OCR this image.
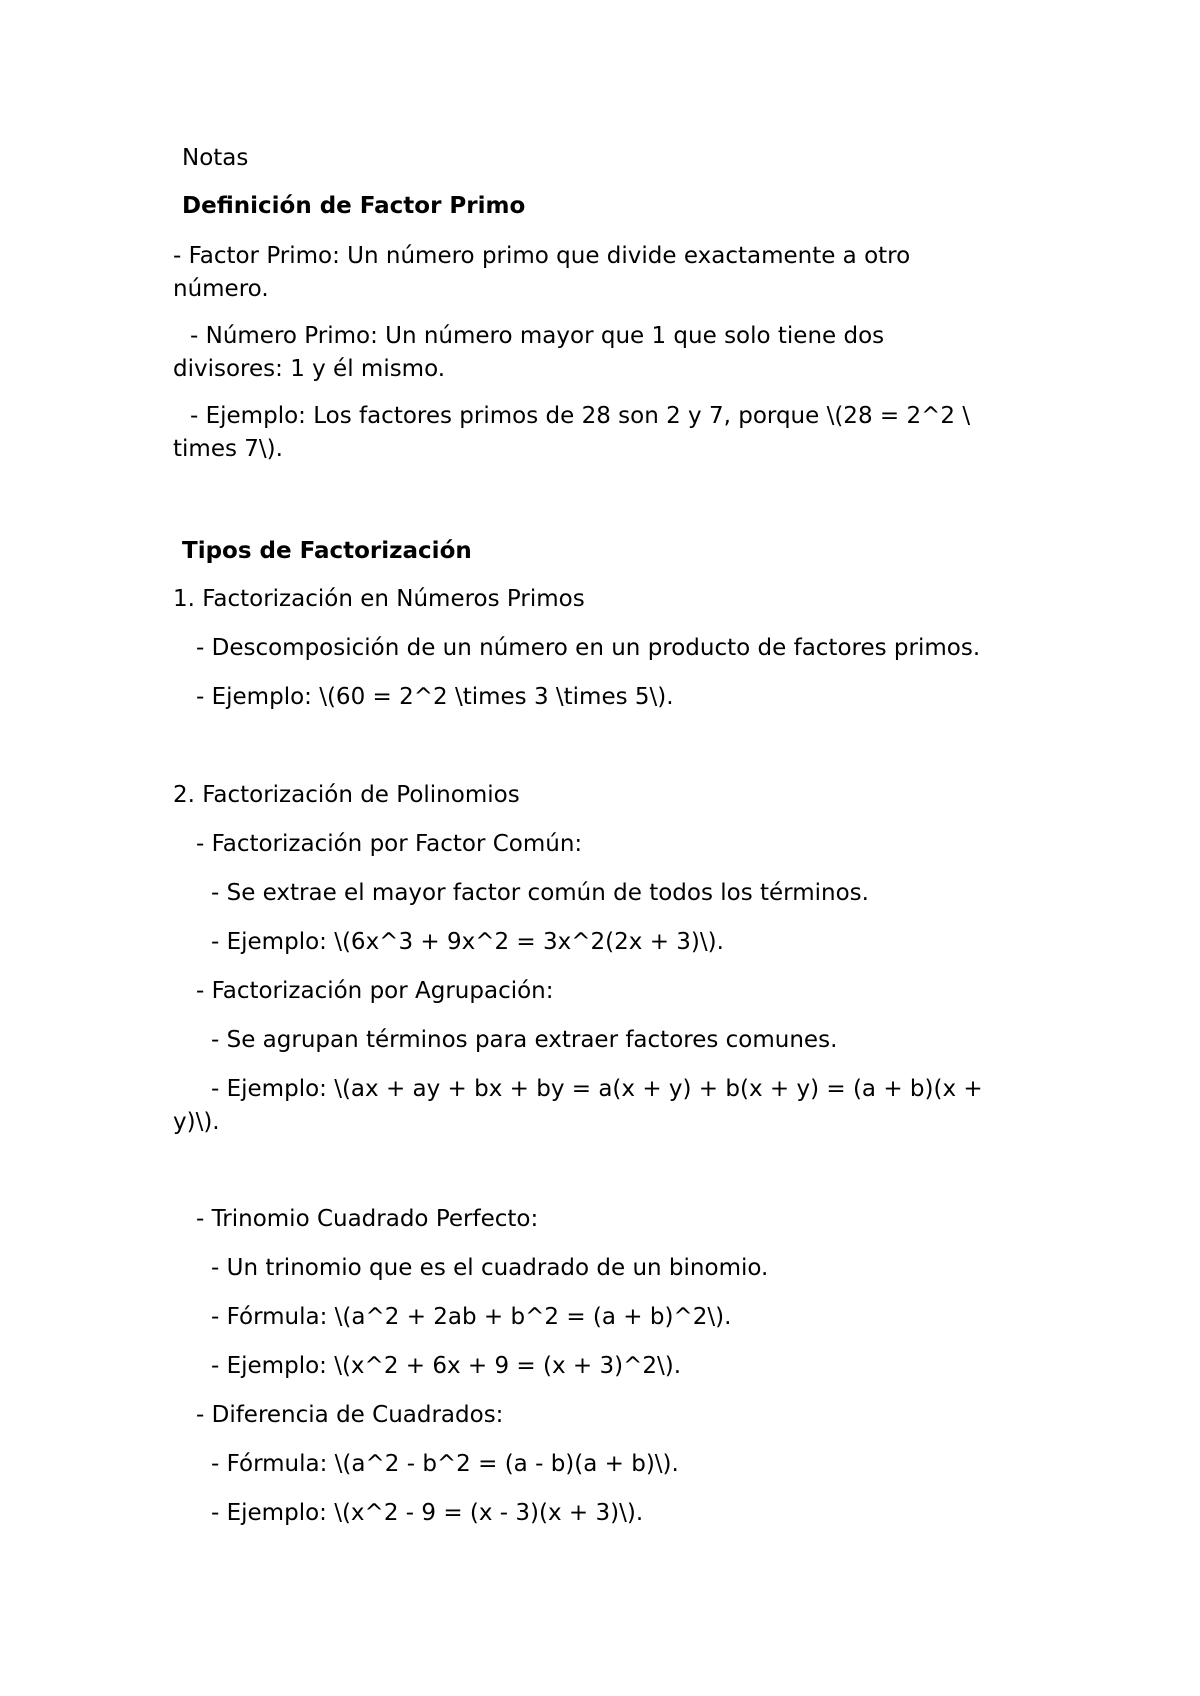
Notas

Definición de Factor Primo

- Factor Primo: Un número primo que divide exactamente a otro

número.

- Número Primo: Un número mayor que 1 que solo tiene dos

divisores: 1 y él mismo.

- Ejemplo: Los factores primos de 28 son 2 y 7, porque \(28 = 2^2 \

times 7\).

Tipos de Factorización

1. Factorización en Números Primos

- Descomposición de un número en un producto de factores primos.

- Ejemplo: \(60 = 2^2 \times 3 \times 5\).

2. Factorización de Polinomios

- Factorización por Factor Común:

- Se extrae el mayor factor común de todos los términos.

- Ejemplo: \(6x^3 + 9x^2 = 3x^2(2x + 3)\).

- Factorización por Agrupación:

- Se agrupan términos para extraer factores comunes.

- Ejemplo: \(ax + ay + bx + by = a(x + y) + b(x + y) = (a + b)(x +

y)\).

- Trinomio Cuadrado Perfecto:

- Un trinomio que es el cuadrado de un binomio.

- Fórmula: \(a^2 + 2ab + b^2 = (a + b)^2\).

- Ejemplo: \(x^2 + 6x + 9 = (x + 3)^2\).

- Diferencia de Cuadrados:

- Fórmula: \(a^2 - b^2 = (a - b)(a + b)\).

- Ejemplo: \(x^2 - 9 = (x - 3)(x + 3)\).
